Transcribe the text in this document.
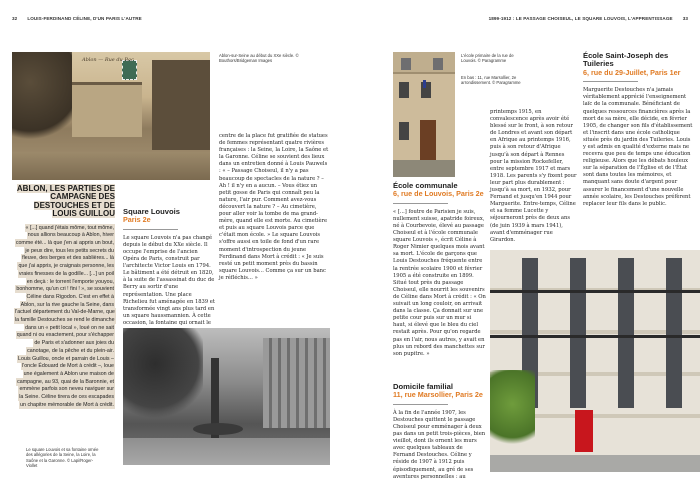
32 LOUIS-FERDINAND CÉLINE, D'UN PARIS L'AUTRE	1899-1912 : LE PASSAGE CHOISEUL, LE SQUARE LOUVOIS, L'APPRENTISSAGE 33
Ablon — Rue du Bac
Ablon-sur-Seine au début du XXe siècle. © Bouthors/Bridgeman Images
ABLON, LES PARTIES DE CAMPAGNE DES DESTOUCHES ET DE LOUIS GUILLOU
« [...] quand j'étais môme, tout môme, nous allions beaucoup à Ablon, hiver comme été... là que j'en ai appris un bout, je peux dire, tous les petits secrets du fleuve, des berges et des sablières... là que j'ai appris, je craignais personne, les vraies finesses de la godille... [...] un poil en deçà : le torrent l'emporte youyou, bonhomme, qu'un cri ! fini ! », se souvient Céline dans Rigodon. C'est en effet à Ablon, sur la rive gauche la Seine, dans l'actuel département du Val-de-Marne, que la famille Destouches se rend le dimanche dans un « petit local », loué on ne sait quand ni ou exactement, pour s'échapper de Paris et s'adonner aux joies du canotage, de la pêche et du plein-air. Louis Guillou, oncle et parrain de Louis – l'oncle Édouard de Mort à crédit –, loue une également à Ablon une maison de campagne, au 93, quai de la Baronnie, et emmène parfois son neveu naviguer sur la Seine. Céline tirera de ces escapades un chapitre mémorable de Mort à crédit.
Le square Louvois et sa fontaine ornée des allégories de la Seine, la Loire, la Saône et la Garonne. © Lapi/Roger-Viollet
Square Louvois
Paris 2e
Le square Louvois n'a pas changé depuis le début du XXe siècle. Il occupe l'emprise de l'ancien Opéra de Paris, construit par l'architecte Victor Louis en 1794. Le bâtiment a été détruit en 1820, à la suite de l'assassinat du duc de Berry au sortir d'une représentation. Une place Richelieu fut aménagée en 1839 et transformée vingt ans plus tard en un square haussmannien. À cette occasion, la fontaine qui ornait le
centre de la place fut gratifiée de statues de femmes représentant quatre rivières françaises : la Seine, la Loire, la Saône et la Garonne. Céline se souvient des lieux dans un entretien donné à Louis Pauwels : « – Passage Choiseul, il n'y a pas beaucoup de spectacles de la nature ? – Ah ! il n'y en a aucun. – Vous étiez un petit gosse de Paris qui connaît peu la nature, l'air pur. Comment avez-vous découvert la nature ? – Au cimetière, pour aller voir la tombe de ma grand-mère, quand elle est morte. Au cimetière et puis au square Louvois parce que c'était mon école. » Le square Louvois s'offre aussi en toile de fond d'un rare moment d'introspection du jeune Ferdinand dans Mort à crédit : « Je suis resté un petit moment près du bassin square Louvois... Comme ça sur un banc je réfléchis... »
L'école primaire de la rue de Louvois. © Paragramme
En bas : 11, rue Marsollier, 2e arrondissement. © Paragramme
École communale
6, rue de Louvois, Paris 2e
« [...] foutre de Parisien je suis, nullement suisse, apatride foireux, né à Courbevoie, élevé au passage Choiseul et à l'école communale square Louvois », écrit Céline à Roger Nimier quelques mois avant sa mort. L'école de garçons que Louis Destouches fréquente entre la rentrée scolaire 1900 et février 1905 a été construite en 1899. Situé tout près du passage Choiseul, elle nourrit les souvenirs de Céline dans Mort à crédit : « On suivait un long couloir, on arrivait dans la classe. Ça donnait sur une petite cour puis sur un mur si haut, si élevé que le bleu du ciel restait après. Pour qu'on regarde pas en l'air, nous autres, y avait en plus un rebord des manchettes sur son pupitre. »
Domicile familial
11, rue Marsollier, Paris 2e
À la fin de l'année 1907, les Destouches quittent le passage Choiseul pour emménager à deux pas dans un petit trois-pièces, bien vieillot, dont ils ornent les murs avec quelques tableaux de Fernand Destouches. Céline y réside de 1907 à 1912 puis épisodiquement, au gré de ses aventures personnelles : au
printemps 1915, en convalescence après avoir été blessé sur le front, à son retour de Londres et avant son départ en Afrique au printemps 1916, puis à son retour d'Afrique jusqu'à son départ à Rennes pour la mission Rockefeller, entre septembre 1917 et mars 1918. Les parents s'y fixent pour leur part plus durablement : jusqu'à sa mort, en 1932, pour Fernand et jusqu'en 1944 pour Marguerite. Entre-temps, Céline et sa femme Lucette y séjourneront près de deux ans (de juin 1939 à mars 1941), avant d'emménager rue Girardon.
École Saint-Joseph des Tuileries
6, rue du 29-Juillet, Paris 1er
Marguerite Destouches n'a jamais véritablement apprécié l'enseignement laïc de la communale. Bénéficiant de quelques ressources financières après la mort de sa mère, elle décide, en février 1905, de changer son fils d'établissement et l'inscrit dans une école catholique située près du jardin des Tuileries. Louis y est admis en qualité d'externe mais ne recevra que peu de temps une éducation religieuse. Alors que les débats houleux sur la séparation de l'Église et de l'État sont dans toutes les mémoires, et manquant sans doute d'argent pour assurer le financement d'une nouvelle année scolaire, les Destouches préfèrent replacer leur fils dans le public.
